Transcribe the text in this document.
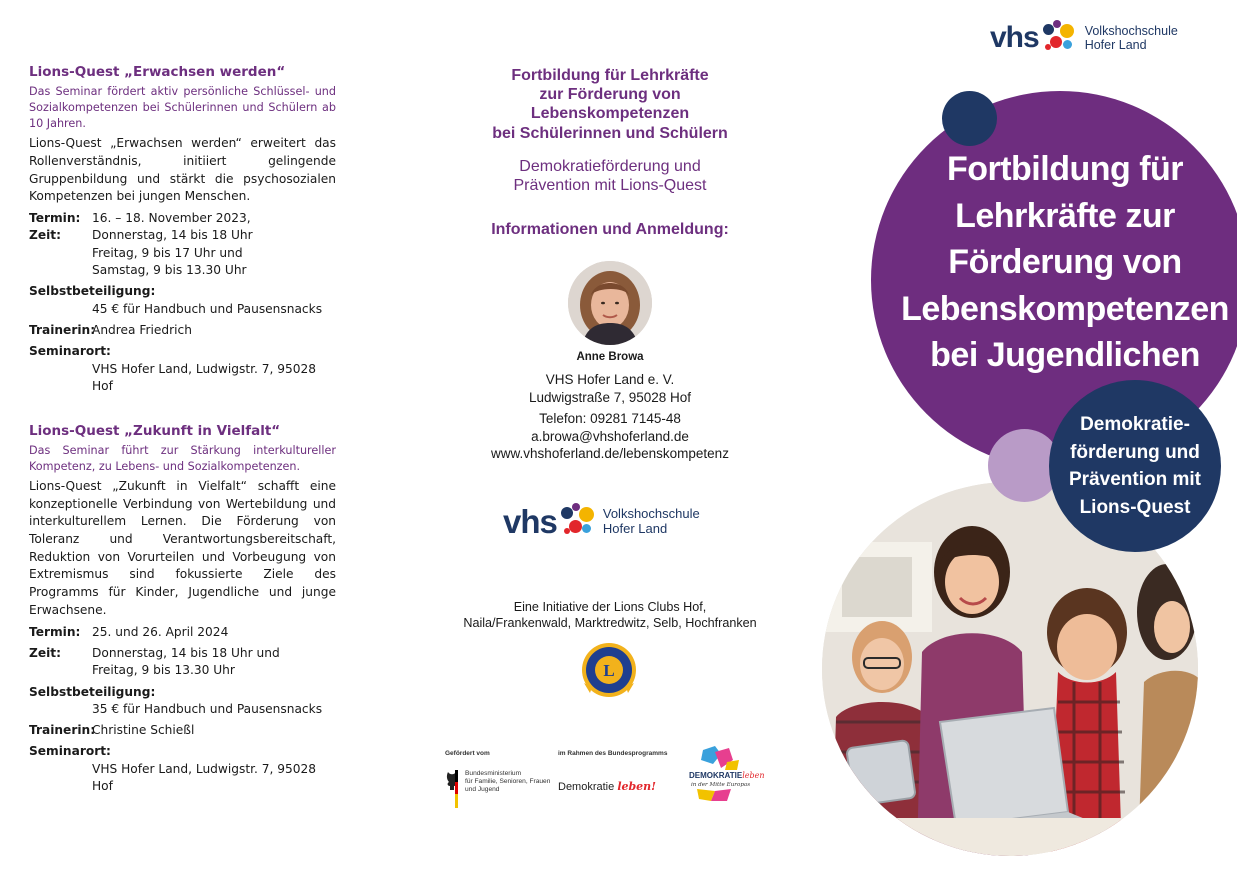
Lions-Quest „Erwachsen werden“
Das Seminar fördert aktiv persönliche Schlüssel- und Sozialkompetenzen bei Schülerinnen und Schülern ab 10 Jahren.
Lions-Quest „Erwachsen werden“ erweitert das Rollenverständnis, initiiert gelingende Gruppenbildung und stärkt die psychosozialen Kompetenzen bei jungen Menschen.
Termin: 16. – 18. November 2023,
Zeit:	Donnerstag, 14 bis 18 Uhr
Freitag, 9 bis 17 Uhr und
Samstag, 9 bis 13.30 Uhr
Selbstbeteiligung:
45 € für Handbuch und Pausensnacks
Trainerin:
Andrea Friedrich
Seminarort:
VHS Hofer Land, Ludwigstr. 7, 95028 Hof
Lions-Quest „Zukunft in Vielfalt“
Das Seminar führt zur Stärkung interkultureller Kompetenz, zu Lebens- und Sozialkompetenzen.
Lions-Quest „Zukunft in Vielfalt“ schafft eine konzeptionelle Verbindung von Wertebildung und interkulturellem Lernen. Die Förderung von Toleranz und Verantwortungsbereitschaft, Reduktion von Vorurteilen und Vorbeugung von Extremismus sind fokussierte Ziele des Programms für Kinder, Jugendliche und junge Erwachsene.
Termin: 25. und 26. April 2024
Zeit:	Donnerstag, 14 bis 18 Uhr und
Freitag, 9 bis 13.30 Uhr
Selbstbeteiligung:
35 € für Handbuch und Pausensnacks
Trainerin:
Christine Schießl
Seminarort:
VHS Hofer Land, Ludwigstr. 7, 95028 Hof
Fortbildung für Lehrkräfte
zur Förderung von
Lebenskompetenzen
bei Schülerinnen und Schülern
Demokratieförderung und
Prävention mit Lions-Quest
Informationen und Anmeldung:
Anne Browa
VHS Hofer Land e. V.
Ludwigstraße 7, 95028 Hof
Telefon: 09281 7145-48
a.browa@vhshoferland.de
www.vhshoferland.de/lebenskompetenz
vhs	Volkshochschule
Hofer Land
Eine Initiative der Lions Clubs Hof,
Naila/Frankenwald, Marktredwitz, Selb, Hochfranken
L
Gefördert vom
Bundesministerium
für Familie, Senioren, Frauen
und Jugend
im Rahmen des Bundesprogramms
Demokratie leben!
DEMOKRATIEleben
in der Mitte Europas
vhs	Volkshochschule
Hofer Land
Fortbildung für
Lehrkräfte zur
Förderung von
Lebenskompetenzen
bei Jugendlichen
Demokratie-
förderung und
Prävention mit
Lions-Quest
